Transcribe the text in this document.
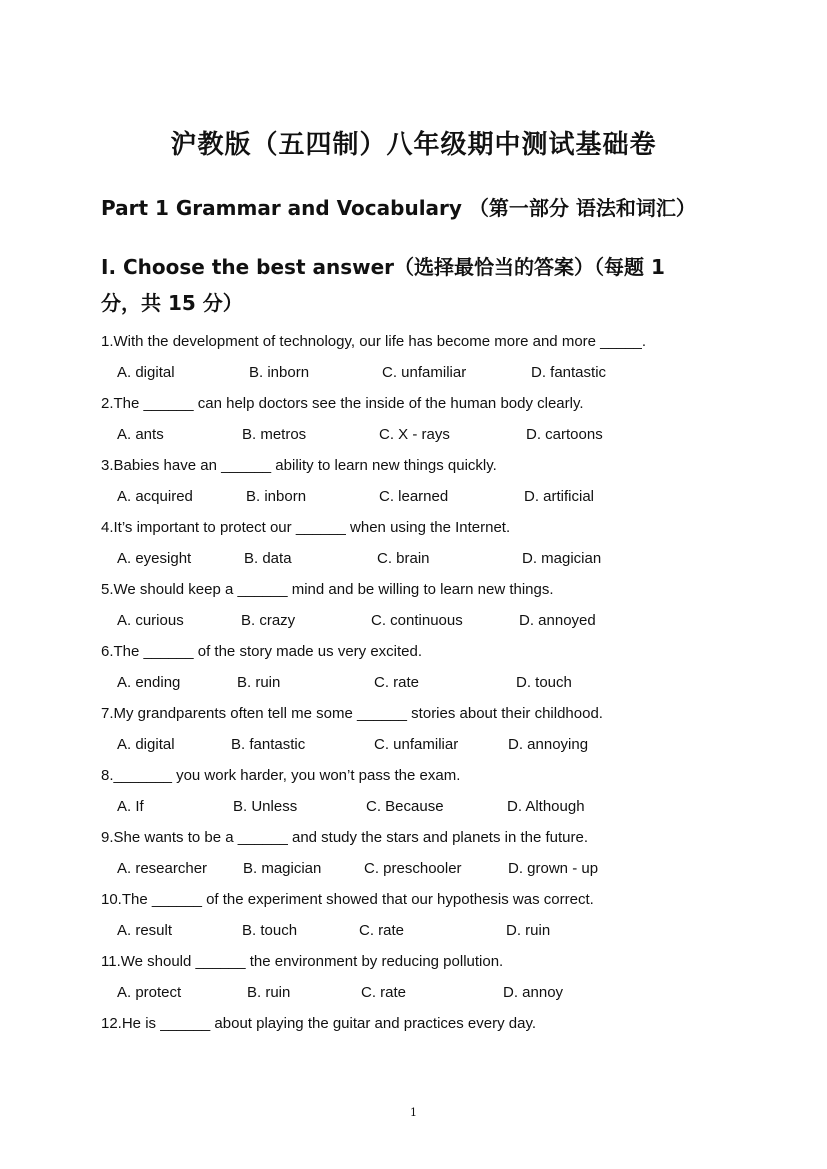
沪教版（五四制）八年级期中测试基础卷
Part 1 Grammar and Vocabulary （第一部分 语法和词汇）
I. Choose the best answer（选择最恰当的答案）（每题 1 分，共 15 分）
1.With the development of technology, our life has become more and more _____.
A. digital	B. inborn	C. unfamiliar	D. fantastic
2.The ______ can help doctors see the inside of the human body clearly.
A. ants	B. metros	C. X - rays	D. cartoons
3.Babies have an ______ ability to learn new things quickly.
A. acquired	B. inborn	C. learned	D. artificial
4.It’s important to protect our ______ when using the Internet.
A. eyesight	B. data	C. brain	D. magician
5.We should keep a ______ mind and be willing to learn new things.
A. curious	B. crazy	C. continuous	D. annoyed
6.The ______ of the story made us very excited.
A. ending	B. ruin	C. rate	D. touch
7.My grandparents often tell me some ______ stories about their childhood.
A. digital	B. fantastic	C. unfamiliar	D. annoying
8._______ you work harder, you won’t pass the exam.
A. If	B. Unless	C. Because	D. Although
9.She wants to be a ______ and study the stars and planets in the future.
A. researcher B. magician	C. preschooler	D. grown - up
10.The ______ of the experiment showed that our hypothesis was correct.
A. result	B. touch	C. rate	D. ruin
11.We should ______ the environment by reducing pollution.
A. protect	B. ruin	C. rate	D. annoy
12.He is ______ about playing the guitar and practices every day.
1
